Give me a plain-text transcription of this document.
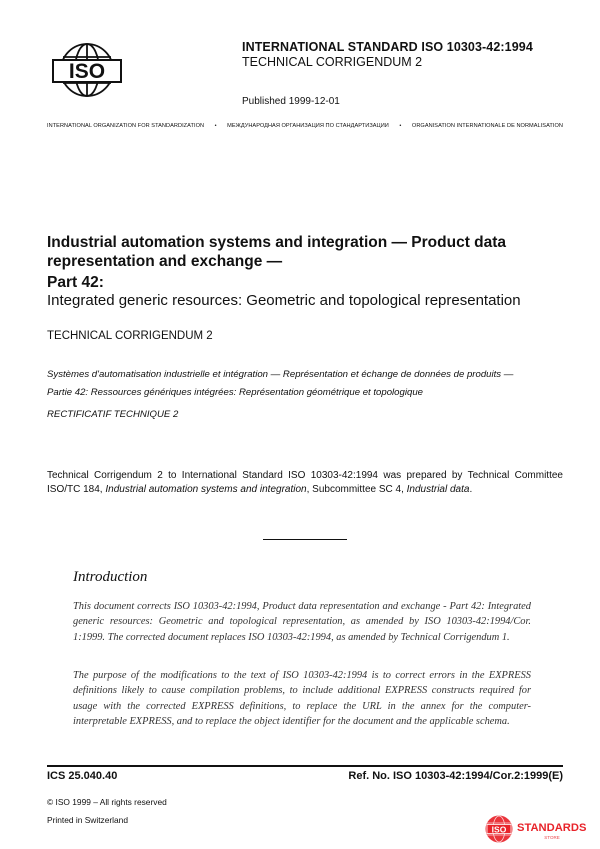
ISO
INTERNATIONAL STANDARD ISO 10303-42:1994
TECHNICAL CORRIGENDUM 2
Published 1999-12-01
INTERNATIONAL ORGANIZATION FOR STANDARDIZATION • МЕЖДУНАРОДНАЯ ОРГАНИЗАЦИЯ ПО СТАНДАРТИЗАЦИИ • ORGANISATION INTERNATIONALE DE NORMALISATION
Industrial automation systems and integration — Product data representation and exchange —
Part 42:
Integrated generic resources: Geometric and topological representation
TECHNICAL CORRIGENDUM 2
Systèmes d'automatisation industrielle et intégration — Représentation et échange de données de produits —
Partie 42: Ressources génériques intégrées: Représentation géométrique et topologique
RECTIFICATIF TECHNIQUE 2
Technical Corrigendum 2 to International Standard ISO 10303-42:1994 was prepared by Technical Committee ISO/TC 184, Industrial automation systems and integration, Subcommittee SC 4, Industrial data.
Introduction
This document corrects ISO 10303-42:1994, Product data representation and exchange - Part 42: Integrated generic resources: Geometric and topological representation, as amended by ISO 10303-42:1994/Cor. 1:1999. The corrected document replaces ISO 10303-42:1994, as amended by Technical Corrigendum 1.
The purpose of the modifications to the text of ISO 10303-42:1994 is to correct errors in the EXPRESS definitions likely to cause compilation problems, to include additional EXPRESS constructs required for usage with the corrected EXPRESS definitions, to replace the URL in the annex for the computer-interpretable EXPRESS, and to replace the object identifier for the document and the applicable schema.
ICS 25.040.40	Ref. No. ISO 10303-42:1994/Cor.2:1999(E)
© ISO 1999 – All rights reserved
Printed in Switzerland
ISO STANDARDS
STORE
